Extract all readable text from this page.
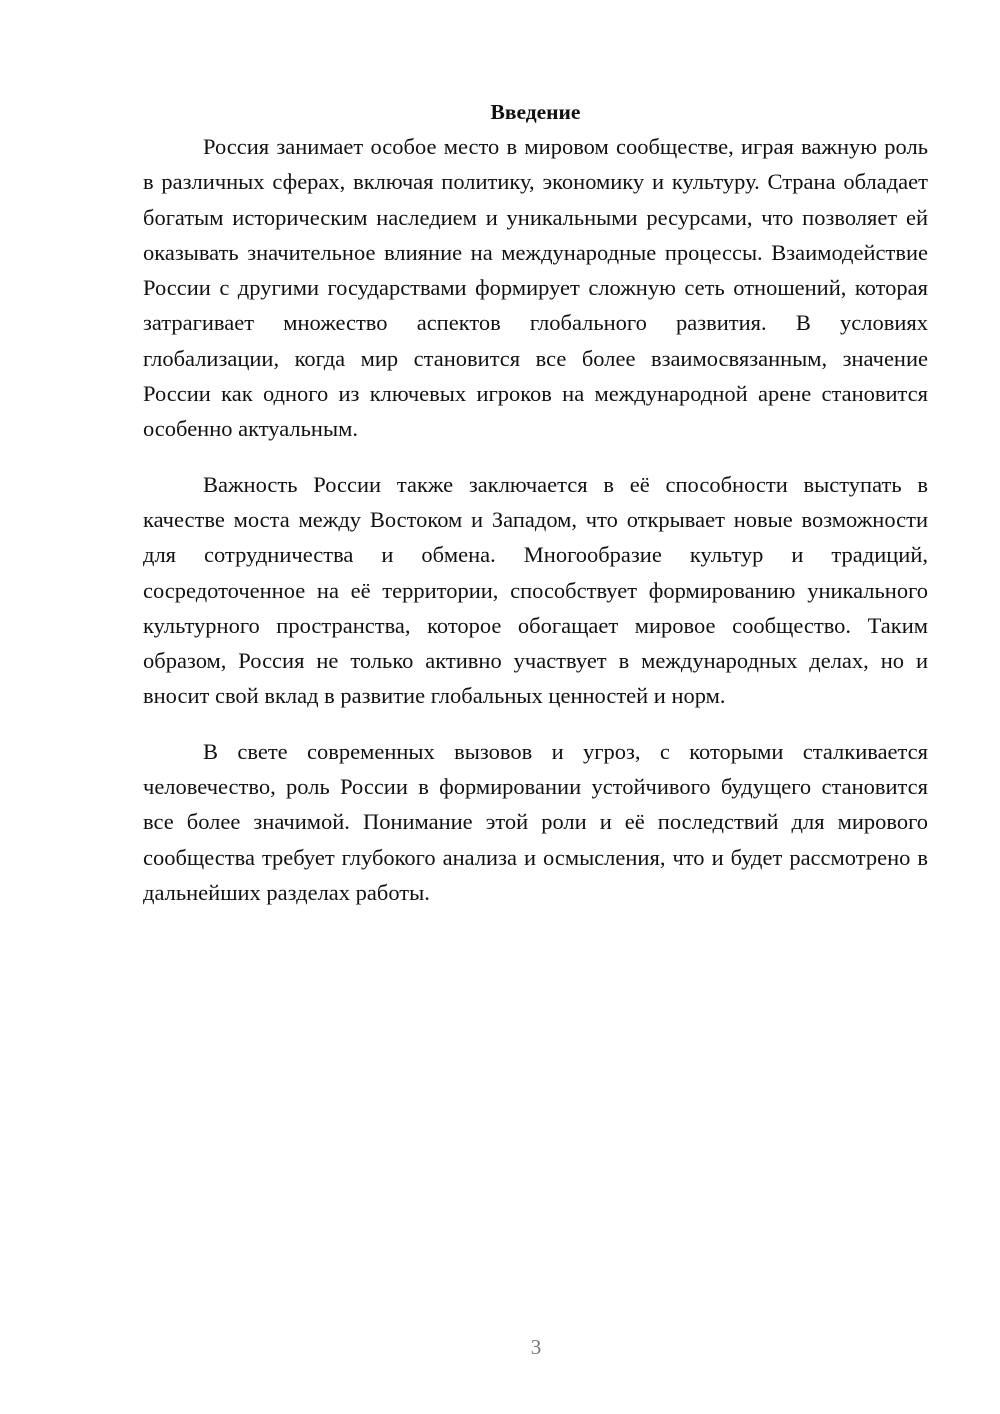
Введение

Россия занимает особое место в мировом сообществе, играя важную роль в различных сферах, включая политику, экономику и культуру. Страна обладает богатым историческим наследием и уникальными ресурсами, что позволяет ей оказывать значительное влияние на международные процессы. Взаимодействие России с другими государствами формирует сложную сеть отношений, которая затрагивает множество аспектов глобального развития. В условиях глобализации, когда мир становится все более взаимосвязанным, значение России как одного из ключевых игроков на международной арене становится особенно актуальным.

Важность России также заключается в её способности выступать в качестве моста между Востоком и Западом, что открывает новые возможности для сотрудничества и обмена. Многообразие культур и традиций, сосредоточенное на её территории, способствует формированию уникального культурного пространства, которое обогащает мировое сообщество. Таким образом, Россия не только активно участвует в международных делах, но и вносит свой вклад в развитие глобальных ценностей и норм.

В свете современных вызовов и угроз, с которыми сталкивается человечество, роль России в формировании устойчивого будущего становится все более значимой. Понимание этой роли и её последствий для мирового сообщества требует глубокого анализа и осмысления, что и будет рассмотрено в дальнейших разделах работы.

3
